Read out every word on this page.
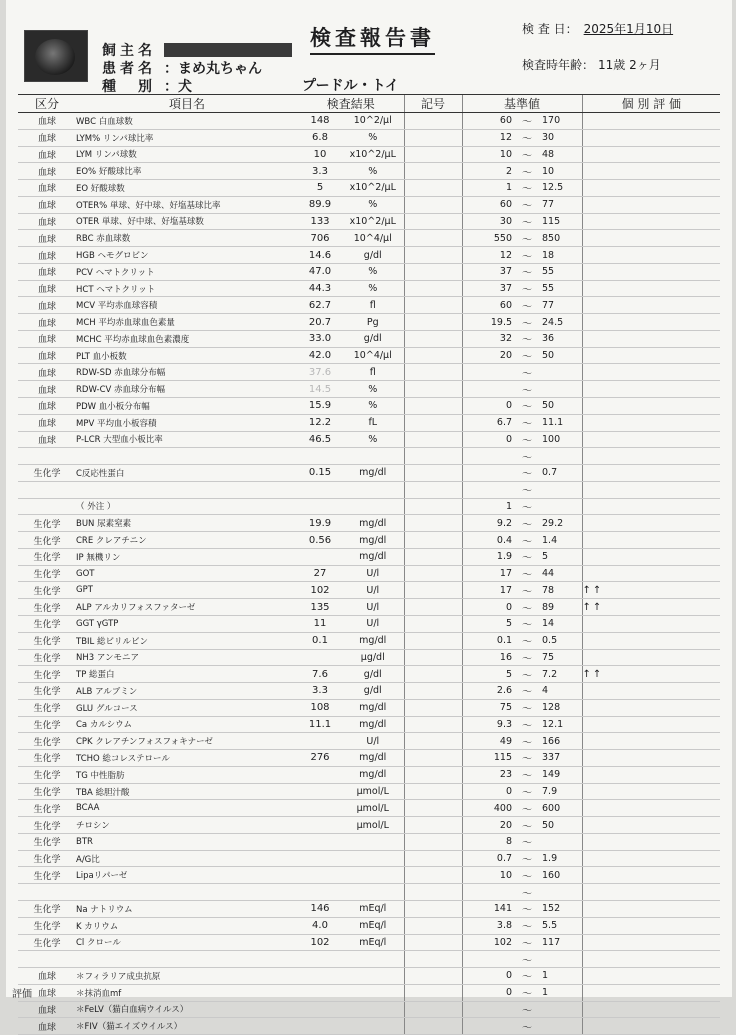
検査報告書
飼主名
患者名 ：まめ丸ちゃん
種　別 ：犬	プードル・トイ
検 査 日： 2025年1月10日
検査時年齢： 11歳 2ヶ月
区分	項目名	検査結果		記号	基準値			個 別 評 価
血球	WBC 白血球数	148	10^2/μl		60	～	170	
血球	LYM% リンパ球比率	6.8	%		12	～	30	
血球	LYM リンパ球数	10	x10^2/μL		10	～	48	
血球	EO% 好酸球比率	3.3	%		2	～	10	
血球	EO 好酸球数	5	x10^2/μL		1	～	12.5	
血球	OTER% 単球、好中球、好塩基球比率	89.9	%		60	～	77	
血球	OTER 単球、好中球、好塩基球数	133	x10^2/μL		30	～	115	
血球	RBC 赤血球数	706	10^4/μl		550	～	850	
血球	HGB ヘモグロビン	14.6	g/dl		12	～	18	
血球	PCV ヘマトクリット	47.0	%		37	～	55	
血球	HCT ヘマトクリット	44.3	%		37	～	55	
血球	MCV 平均赤血球容積	62.7	fl		60	～	77	
血球	MCH 平均赤血球血色素量	20.7	Pg		19.5	～	24.5	
血球	MCHC 平均赤血球血色素濃度	33.0	g/dl		32	～	36	
血球	PLT 血小板数	42.0	10^4/μl		20	～	50	
血球	RDW-SD 赤血球分布幅	37.6	fl			～		
血球	RDW-CV 赤血球分布幅	14.5	%			～		
血球	PDW 血小板分布幅	15.9	%		0	～	50	
血球	MPV 平均血小板容積	12.2	fL		6.7	～	11.1	
血球	P-LCR 大型血小板比率	46.5	%		0	～	100	
						～		
生化学	C反応性蛋白	0.15	mg/dl			～	0.7	
						～		
	（ 外注 ）				1	～		
生化学	BUN 尿素窒素	19.9	mg/dl		9.2	～	29.2	
生化学	CRE クレアチニン	0.56	mg/dl		0.4	～	1.4	
生化学	IP 無機リン		mg/dl		1.9	～	5	
生化学	GOT	27	U/l		17	～	44	
生化学	GPT	102	U/l		17	～	78	↑↑
生化学	ALP アルカリフォスファターゼ	135	U/l		0	～	89	↑↑
生化学	GGT γGTP	11	U/l		5	～	14	
生化学	TBIL 総ビリルビン	0.1	mg/dl		0.1	～	0.5	
生化学	NH3 アンモニア		μg/dl		16	～	75	
生化学	TP 総蛋白	7.6	g/dl		5	～	7.2	↑↑
生化学	ALB アルブミン	3.3	g/dl		2.6	～	4	
生化学	GLU グルコース	108	mg/dl		75	～	128	
生化学	Ca カルシウム	11.1	mg/dl		9.3	～	12.1	
生化学	CPK クレアチンフォスフォキナーゼ		U/l		49	～	166	
生化学	TCHO 総コレステロール	276	mg/dl		115	～	337	
生化学	TG 中性脂肪		mg/dl		23	～	149	
生化学	TBA 総胆汁酸		μmol/L		0	～	7.9	
生化学	BCAA		μmol/L		400	～	600	
生化学	チロシン		μmol/L		20	～	50	
生化学	BTR				8	～		
生化学	A/G比				0.7	～	1.9	
生化学	Lipaリパーゼ				10	～	160	
						～		
生化学	Na ナトリウム	146	mEq/l		141	～	152	
生化学	K カリウム	4.0	mEq/l		3.8	～	5.5	
生化学	Cl クロール	102	mEq/l		102	～	117	
						～		
血球	＊フィラリア成虫抗原				0	～	1	
血球	＊抹消血mf				0	～	1	
血球	＊FeLV（猫白血病ウイルス）					～		
血球	＊FIV（猫エイズウイルス）					～		
評価
